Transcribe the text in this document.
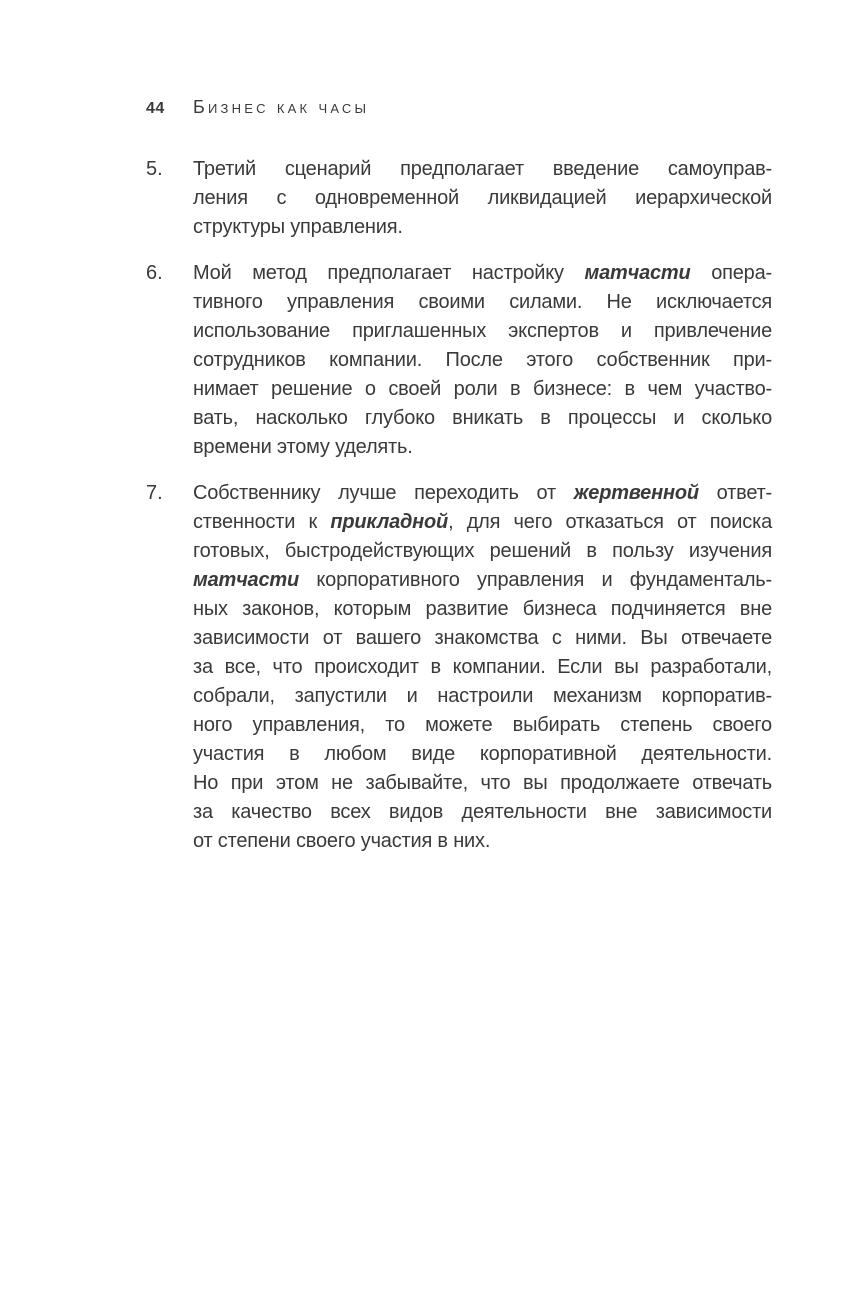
44	Бизнес как часы
5.	Третий сценарий предполагает введение самоуправ-
ления с одновременной ликвидацией иерархической
структуры управления.
6.	Мой метод предполагает настройку матчасти опера-
тивного управления своими силами. Не исключается
использование приглашенных экспертов и привлечение
сотрудников компании. После этого собственник при-
нимает решение о своей роли в бизнесе: в чем участво-
вать, насколько глубоко вникать в процессы и сколько
времени этому уделять.
7.	Собственнику лучше переходить от жертвенной ответ-
ственности к прикладной, для чего отказаться от поиска
готовых, быстродействующих решений в пользу изучения
матчасти корпоративного управления и фундаменталь-
ных законов, которым развитие бизнеса подчиняется вне
зависимости от вашего знакомства с ними. Вы отвечаете
за все, что происходит в компании. Если вы разработали,
собрали, запустили и настроили механизм корпоратив-
ного управления, то можете выбирать степень своего
участия в любом виде корпоративной деятельности.
Но при этом не забывайте, что вы продолжаете отвечать
за качество всех видов деятельности вне зависимости
от степени своего участия в них.
